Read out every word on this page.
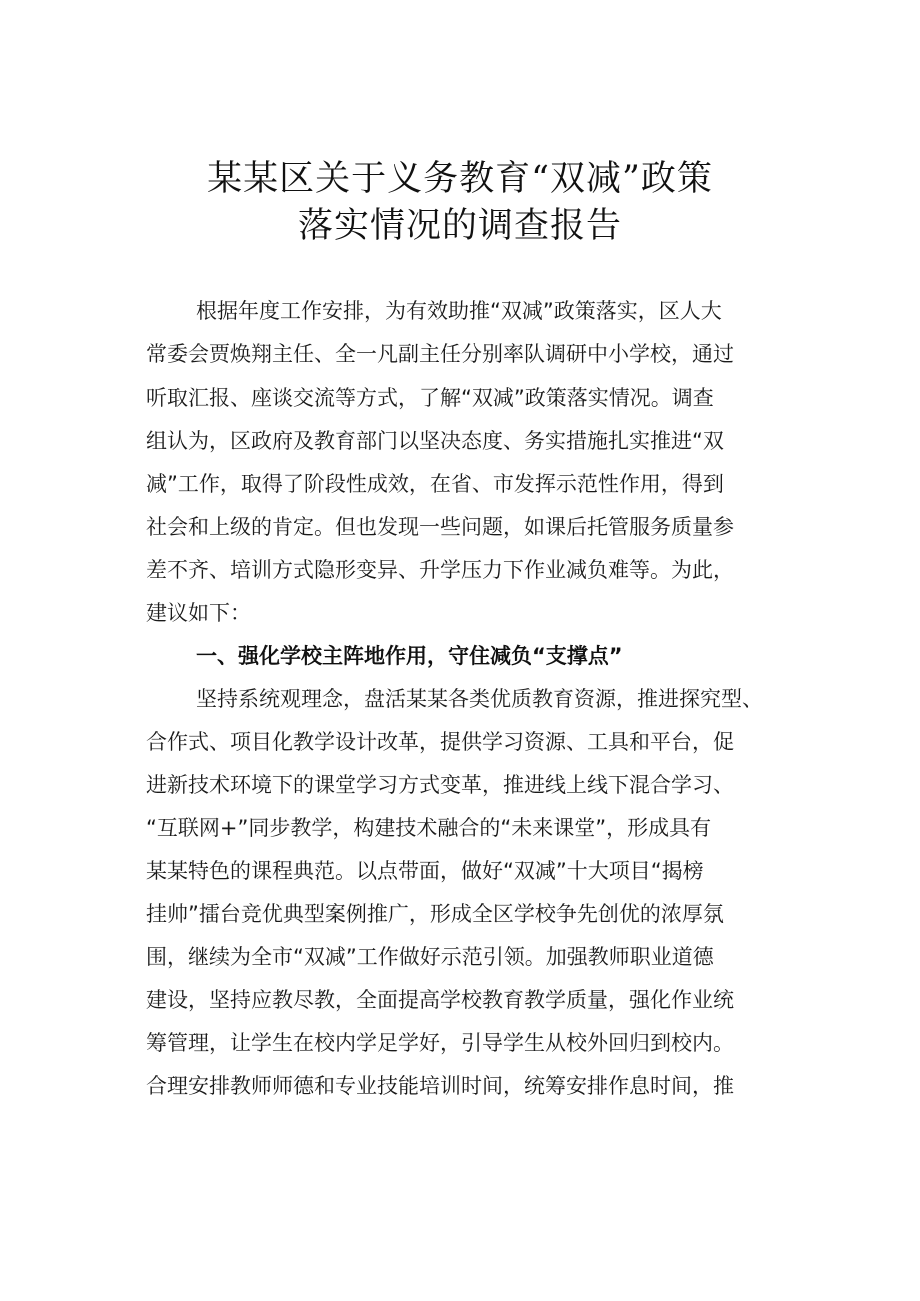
某某区关于义务教育“双减”政策
落实情况的调查报告
根据年度工作安排，为有效助推“双减”政策落实，区人大
常委会贾焕翔主任、全一凡副主任分别率队调研中小学校，通过
听取汇报、座谈交流等方式，了解“双减”政策落实情况。调查
组认为，区政府及教育部门以坚决态度、务实措施扎实推进“双
减”工作，取得了阶段性成效，在省、市发挥示范性作用，得到
社会和上级的肯定。但也发现一些问题，如课后托管服务质量参
差不齐、培训方式隐形变异、升学压力下作业减负难等。为此，
建议如下：
一、强化学校主阵地作用，守住减负“支撑点”
坚持系统观理念，盘活某某各类优质教育资源，推进探究型、
合作式、项目化教学设计改革，提供学习资源、工具和平台，促
进新技术环境下的课堂学习方式变革，推进线上线下混合学习、
“互联网+”同步教学，构建技术融合的“未来课堂”，形成具有
某某特色的课程典范。以点带面，做好“双减”十大项目“揭榜
挂帅”擂台竞优典型案例推广，形成全区学校争先创优的浓厚氛
围，继续为全市“双减”工作做好示范引领。加强教师职业道德
建设，坚持应教尽教，全面提高学校教育教学质量，强化作业统
筹管理，让学生在校内学足学好，引导学生从校外回归到校内。
合理安排教师师德和专业技能培训时间，统筹安排作息时间，推
